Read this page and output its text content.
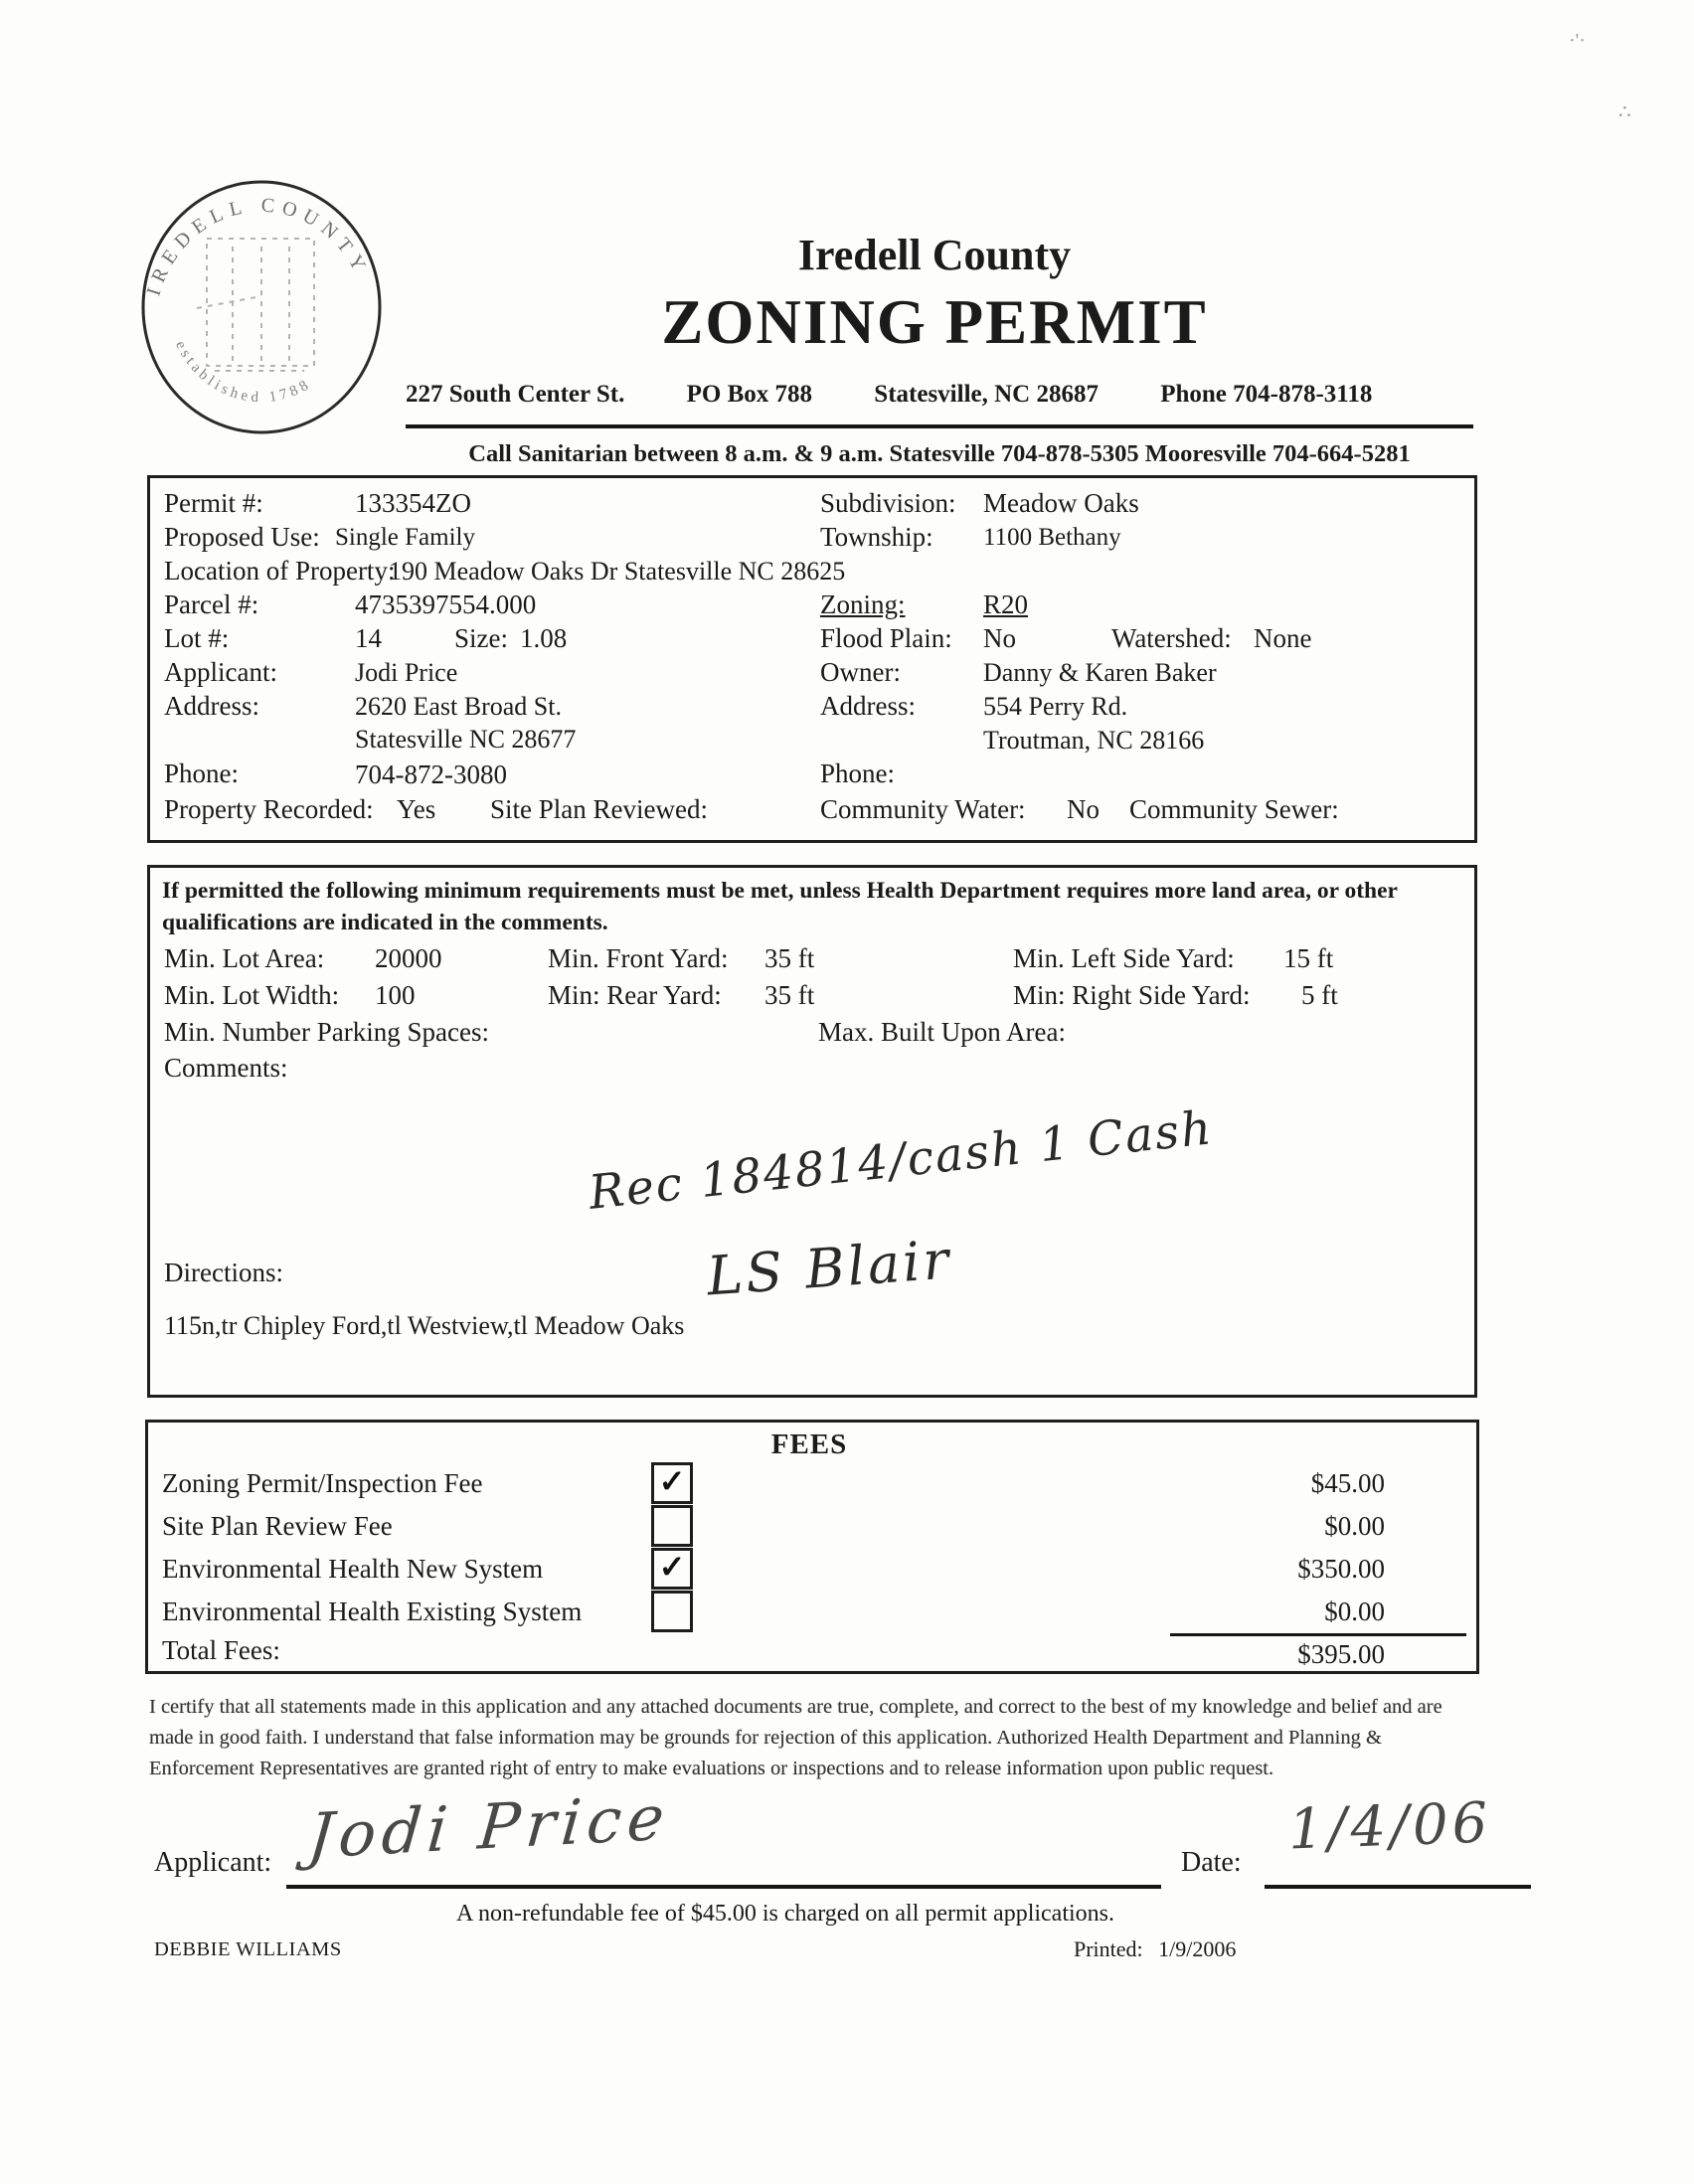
·'·
∴
IREDELL COUNTY
established 1788
Iredell County
ZONING PERMIT
227 South Center St. PO Box 788 Statesville, NC 28687 Phone 704-878-3118
Call Sanitarian between 8 a.m. & 9 a.m. Statesville 704-878-5305 Mooresville 704-664-5281
Permit #:	133354ZO	Subdivision: Meadow Oaks
Proposed Use: Single Family	Township: 1100 Bethany
Location of Property:
190 Meadow Oaks Dr Statesville NC 28625
Parcel #:	4735397554.000	Zoning:	R20
Lot #:	14	Size: 1.08	Flood Plain: No	Watershed: None
Applicant:	Jodi Price	Owner:	Danny & Karen Baker
Address:	2620 East Broad St.	Address:	554 Perry Rd.
Statesville NC 28677	Troutman, NC 28166
Phone:	704-872-3080	Phone:
Property Recorded: Yes Site Plan Reviewed:	Community Water: No Community Sewer:
If permitted the following minimum requirements must be met, unless Health Department requires more land area, or other qualifications are indicated in the comments.
Min. Lot Area: 20000	Min. Front Yard: 35 ft	Min. Left Side Yard: 15 ft
Min. Lot Width: 100	Min: Rear Yard: 35 ft	Min: Right Side Yard: 5 ft
Min. Number Parking Spaces:	Max. Built Upon Area:
Comments:
Rec 184814/cash 1 Cash
LS Blair
Directions:
115n,tr Chipley Ford,tl Westview,tl Meadow Oaks
FEES
Zoning Permit/Inspection Fee	✓	$45.00
Site Plan Review Fee	$0.00
Environmental Health New System	✓	$350.00
Environmental Health Existing System	$0.00
Total Fees:	$395.00
I certify that all statements made in this application and any attached documents are true, complete, and correct to the best of my knowledge and belief and are made in good faith. I understand that false information may be grounds for rejection of this application. Authorized Health Department and Planning & Enforcement Representatives are granted right of entry to make evaluations or inspections and to release information upon public request.
Applicant: Jodi Price	Date: 1/4/06
A non-refundable fee of $45.00 is charged on all permit applications.
DEBBIE WILLIAMS	Printed: 1/9/2006
